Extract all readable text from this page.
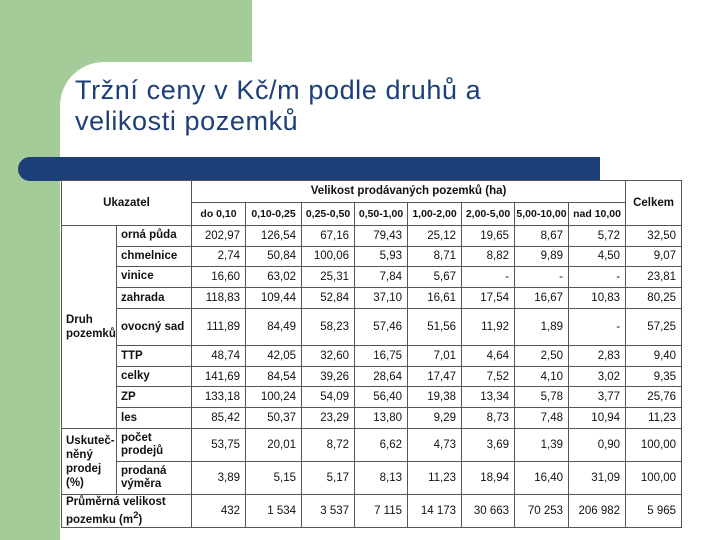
Tržní ceny v Kč/m podle druhů a
velikosti pozemků
Ukazatel		Velikost prodávaných pozemků (ha)								Celkem
		do 0,10	0,10-0,25	0,25-0,50	0,50-1,00	1,00-2,00	2,00-5,00	5,00-10,00	nad 10,00	
Druh pozemků	orná půda	202,97	126,54	67,16	79,43	25,12	19,65	8,67	5,72	32,50
	chmelnice	2,74	50,84	100,06	5,93	8,71	8,82	9,89	4,50	9,07
	vinice	16,60	63,02	25,31	7,84	5,67	-	-	-	23,81
	zahrada	118,83	109,44	52,84	37,10	16,61	17,54	16,67	10,83	80,25
	ovocný sad	111,89	84,49	58,23	57,46	51,56	11,92	1,89	-	57,25
	TTP	48,74	42,05	32,60	16,75	7,01	4,64	2,50	2,83	9,40
	celky	141,69	84,54	39,26	28,64	17,47	7,52	4,10	3,02	9,35
	ZP	133,18	100,24	54,09	56,40	19,38	13,34	5,78	3,77	25,76
	les	85,42	50,37	23,29	13,80	9,29	8,73	7,48	10,94	11,23
Uskuteč-něný prodej (%)	počet prodejů	53,75	20,01	8,72	6,62	4,73	3,69	1,39	0,90	100,00
	prodaná výměra	3,89	5,15	5,17	8,13	11,23	18,94	16,40	31,09	100,00
Průměrná velikost pozemku $(m^2)$		432	1 534	3 537	7 115	14 173	30 663	70 253	206 982	5 965
